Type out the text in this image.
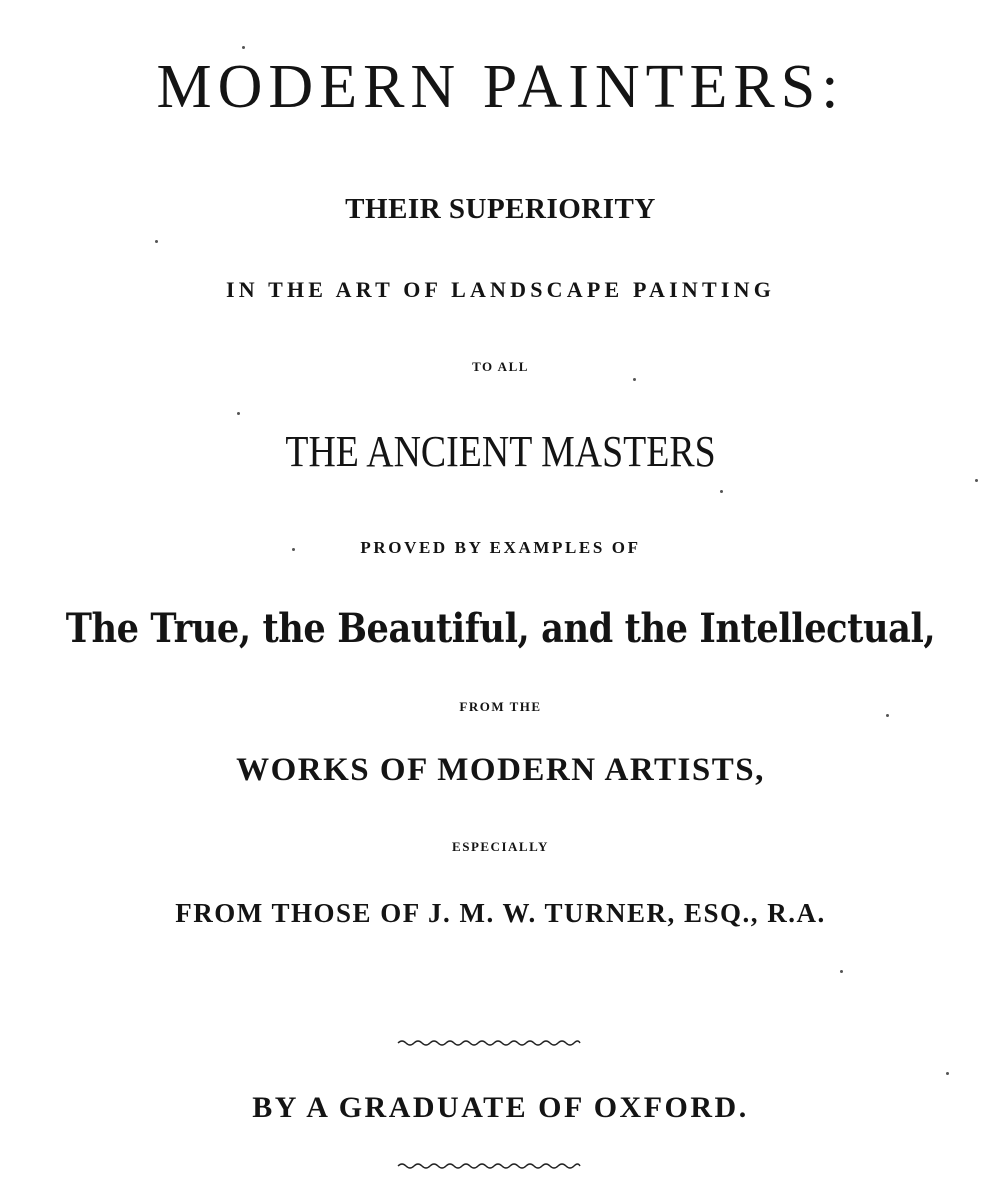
MODERN PAINTERS:
THEIR SUPERIORITY
IN THE ART OF LANDSCAPE PAINTING
TO ALL
THE ANCIENT MASTERS
PROVED BY EXAMPLES OF
The True, the Beautiful, and the Intellectual,
FROM THE
WORKS OF MODERN ARTISTS,
ESPECIALLY
FROM THOSE OF J. M. W. TURNER, ESQ., R.A.
BY A GRADUATE OF OXFORD.
